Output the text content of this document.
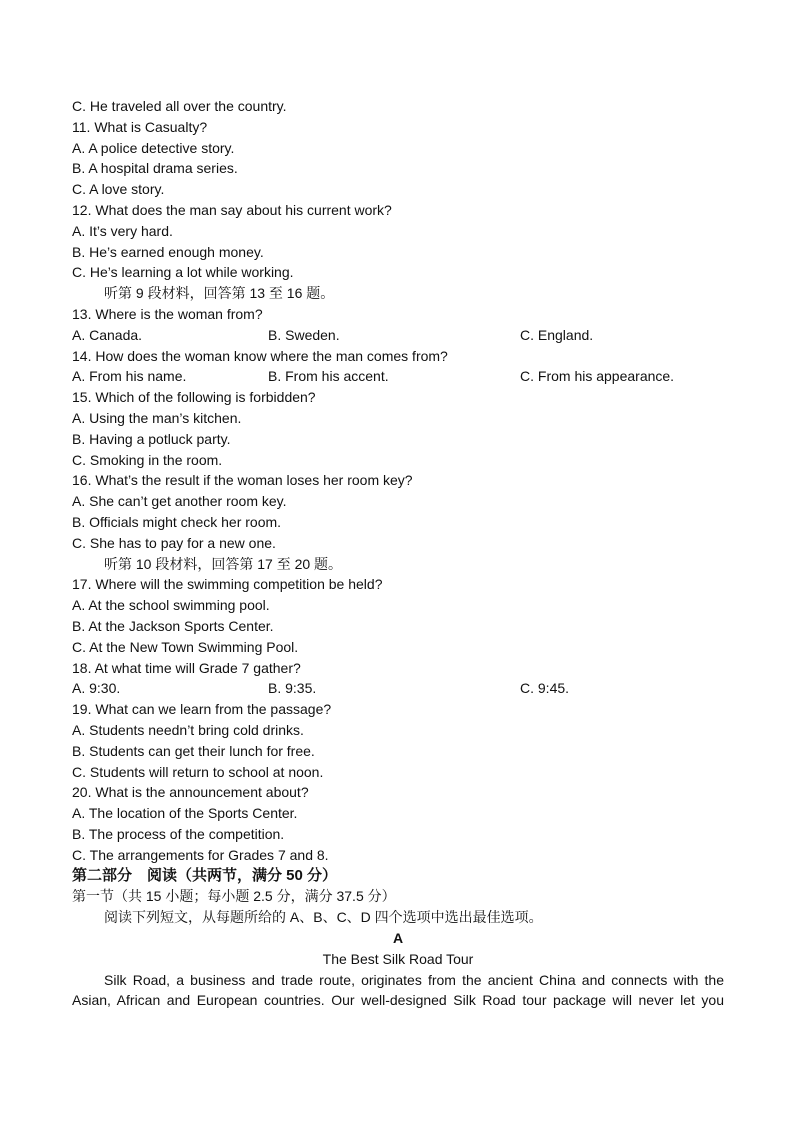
C. He traveled all over the country.
11. What is Casualty?
A. A police detective story.
B. A hospital drama series.
C. A love story.
12. What does the man say about his current work?
A. It’s very hard.
B. He’s earned enough money.
C. He’s learning a lot while working.
听第 9 段材料，回答第 13 至 16 题。
13. Where is the woman from?
A. Canada.	B. Sweden.	C. England.
14. How does the woman know where the man comes from?
A. From his name.	B. From his accent.	C. From his appearance.
15. Which of the following is forbidden?
A. Using the man’s kitchen.
B. Having a potluck party.
C. Smoking in the room.
16. What’s the result if the woman loses her room key?
A. She can’t get another room key.
B. Officials might check her room.
C. She has to pay for a new one.
听第 10 段材料，回答第 17 至 20 题。
17. Where will the swimming competition be held?
A. At the school swimming pool.
B. At the Jackson Sports Center.
C. At the New Town Swimming Pool.
18. At what time will Grade 7 gather?
A. 9:30.	B. 9:35.	C. 9:45.
19. What can we learn from the passage?
A. Students needn’t bring cold drinks.
B. Students can get their lunch for free.
C. Students will return to school at noon.
20. What is the announcement about?
A. The location of the Sports Center.
B. The process of the competition.
C. The arrangements for Grades 7 and 8.
第二部分　阅读（共两节，满分 50 分）
第一节（共 15 小题；每小题 2.5 分，满分 37.5 分）
阅读下列短文，从每题所给的 A、B、C、D 四个选项中选出最佳选项。
A
The Best Silk Road Tour
Silk Road, a business and trade route, originates from the ancient China and connects with the
Asian, African and European countries. Our well-designed Silk Road tour package will never let you
